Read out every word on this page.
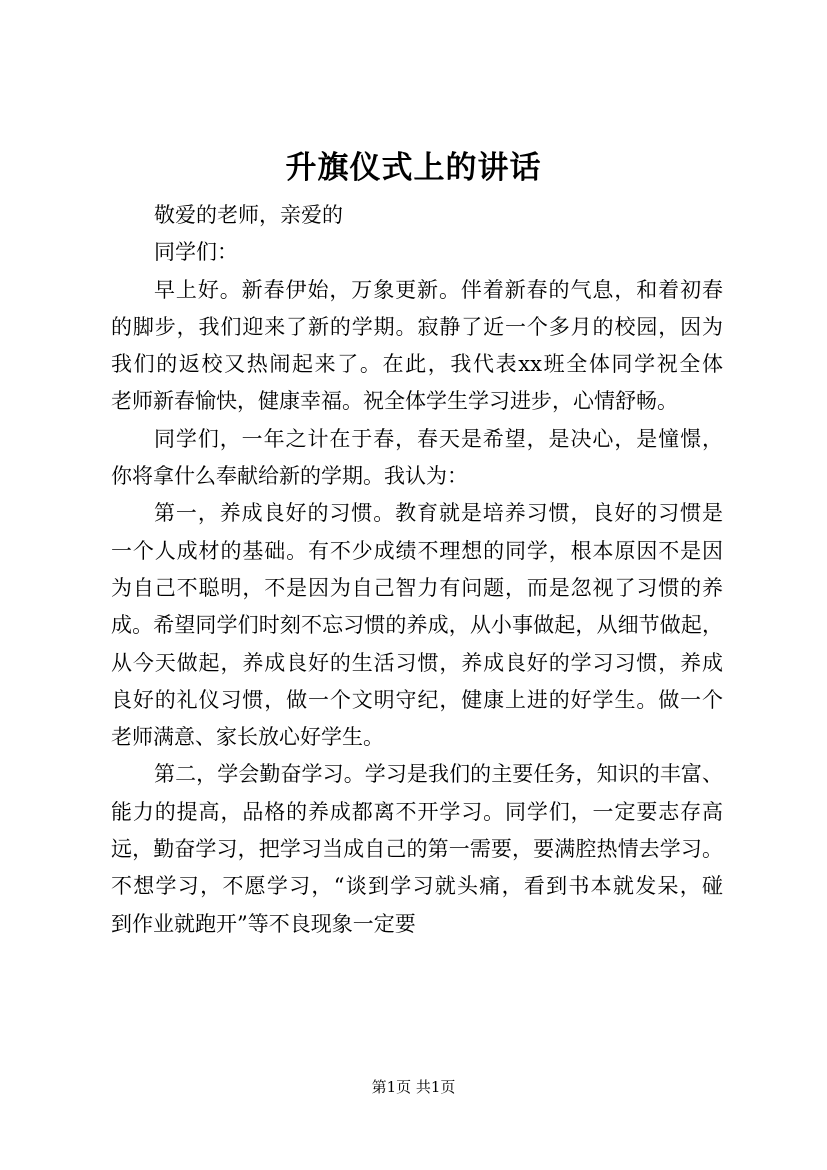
升旗仪式上的讲话
敬爱的老师，亲爱的
同学们：
早上好。新春伊始，万象更新。伴着新春的气息，和着初春
的脚步，我们迎来了新的学期。寂静了近一个多月的校园，因为
我们的返校又热闹起来了。在此，我代表xx班全体同学祝全体
老师新春愉快，健康幸福。祝全体学生学习进步，心情舒畅。
同学们，一年之计在于春，春天是希望，是决心，是憧憬，
你将拿什么奉献给新的学期。我认为：
第一，养成良好的习惯。教育就是培养习惯，良好的习惯是
一个人成材的基础。有不少成绩不理想的同学，根本原因不是因
为自己不聪明，不是因为自己智力有问题，而是忽视了习惯的养
成。希望同学们时刻不忘习惯的养成，从小事做起，从细节做起，
从今天做起，养成良好的生活习惯，养成良好的学习习惯，养成
良好的礼仪习惯，做一个文明守纪，健康上进的好学生。做一个
老师满意、家长放心好学生。
第二，学会勤奋学习。学习是我们的主要任务，知识的丰富、
能力的提高，品格的养成都离不开学习。同学们，一定要志存高
远，勤奋学习，把学习当成自己的第一需要，要满腔热情去学习。
不想学习，不愿学习，“谈到学习就头痛，看到书本就发呆，碰
到作业就跑开”等不良现象一定要
第1页 共1页
